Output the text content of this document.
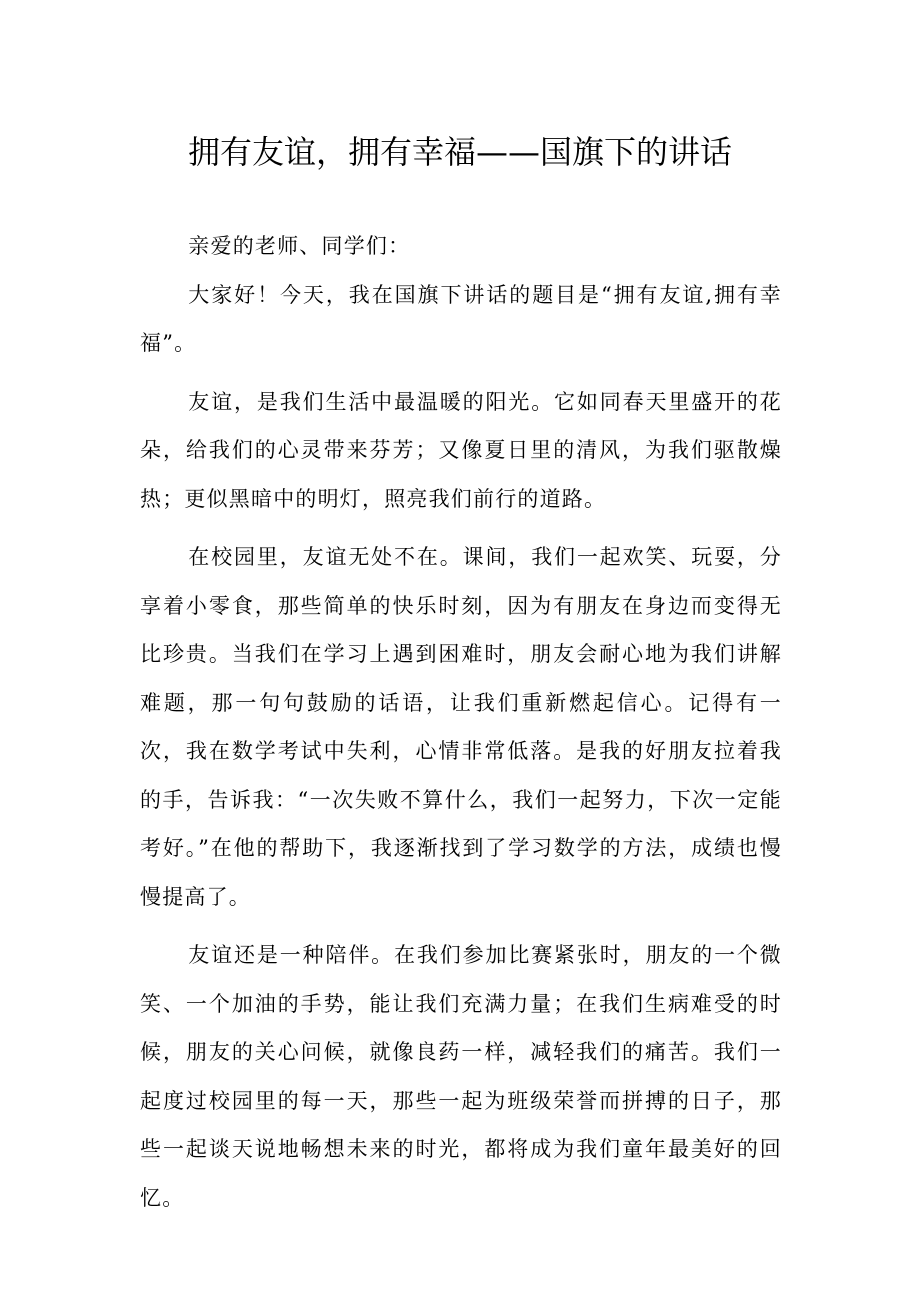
拥有友谊，拥有幸福——国旗下的讲话

亲爱的老师、同学们：

大家好！今天，我在国旗下讲话的题目是“拥有友谊,拥有幸福”。

友谊，是我们生活中最温暖的阳光。它如同春天里盛开的花朵，给我们的心灵带来芬芳；又像夏日里的清风，为我们驱散燥热；更似黑暗中的明灯，照亮我们前行的道路。

在校园里，友谊无处不在。课间，我们一起欢笑、玩耍，分享着小零食，那些简单的快乐时刻，因为有朋友在身边而变得无比珍贵。当我们在学习上遇到困难时，朋友会耐心地为我们讲解难题，那一句句鼓励的话语，让我们重新燃起信心。记得有一次，我在数学考试中失利，心情非常低落。是我的好朋友拉着我的手，告诉我：“一次失败不算什么，我们一起努力，下次一定能考好。”在他的帮助下，我逐渐找到了学习数学的方法，成绩也慢慢提高了。

友谊还是一种陪伴。在我们参加比赛紧张时，朋友的一个微笑、一个加油的手势，能让我们充满力量；在我们生病难受的时候，朋友的关心问候，就像良药一样，减轻我们的痛苦。我们一起度过校园里的每一天，那些一起为班级荣誉而拼搏的日子，那些一起谈天说地畅想未来的时光，都将成为我们童年最美好的回忆。
